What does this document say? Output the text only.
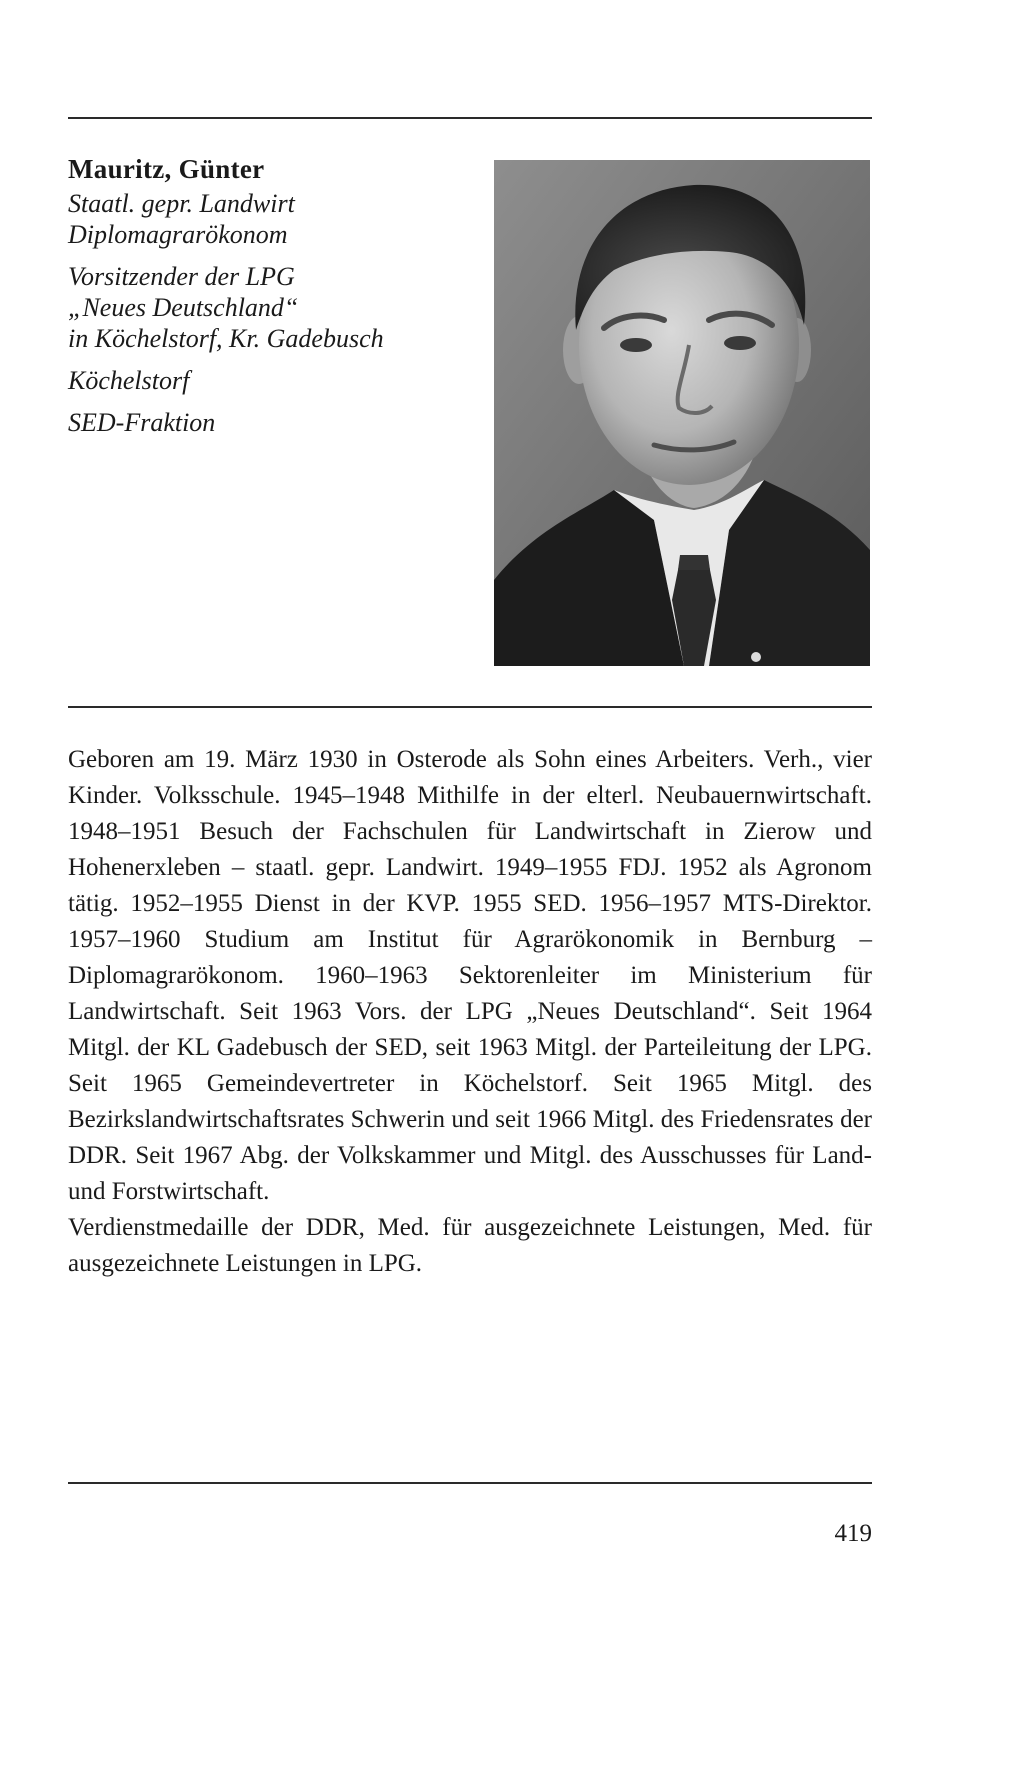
Mauritz, Günter
Staatl. gepr. Landwirt
Diplomagrarökonom
Vorsitzender der LPG
„Neues Deutschland“
in Köchelstorf, Kr. Gadebusch
Köchelstorf
SED-Fraktion

Geboren am 19. März 1930 in Osterode als Sohn eines Arbeiters. Verh., vier Kinder. Volksschule. 1945–1948 Mithilfe in der elterl. Neubauernwirtschaft. 1948–1951 Besuch der Fachschulen für Landwirtschaft in Zierow und Hohenerxleben – staatl. gepr. Landwirt. 1949–1955 FDJ. 1952 als Agronom tätig. 1952–1955 Dienst in der KVP. 1955 SED. 1956–1957 MTS-Direktor. 1957–1960 Studium am Institut für Agrarökonomik in Bernburg – Diplomagrarökonom. 1960–1963 Sektorenleiter im Ministerium für Landwirtschaft. Seit 1963 Vors. der LPG „Neues Deutschland“. Seit 1964 Mitgl. der KL Gadebusch der SED, seit 1963 Mitgl. der Parteileitung der LPG. Seit 1965 Gemeindevertreter in Köchelstorf. Seit 1965 Mitgl. des Bezirkslandwirtschaftsrates Schwerin und seit 1966 Mitgl. des Friedensrates der DDR. Seit 1967 Abg. der Volkskammer und Mitgl. des Ausschusses für Land- und Forstwirtschaft.

Verdienstmedaille der DDR, Med. für ausgezeichnete Leistungen, Med. für ausgezeichnete Leistungen in LPG.

419
